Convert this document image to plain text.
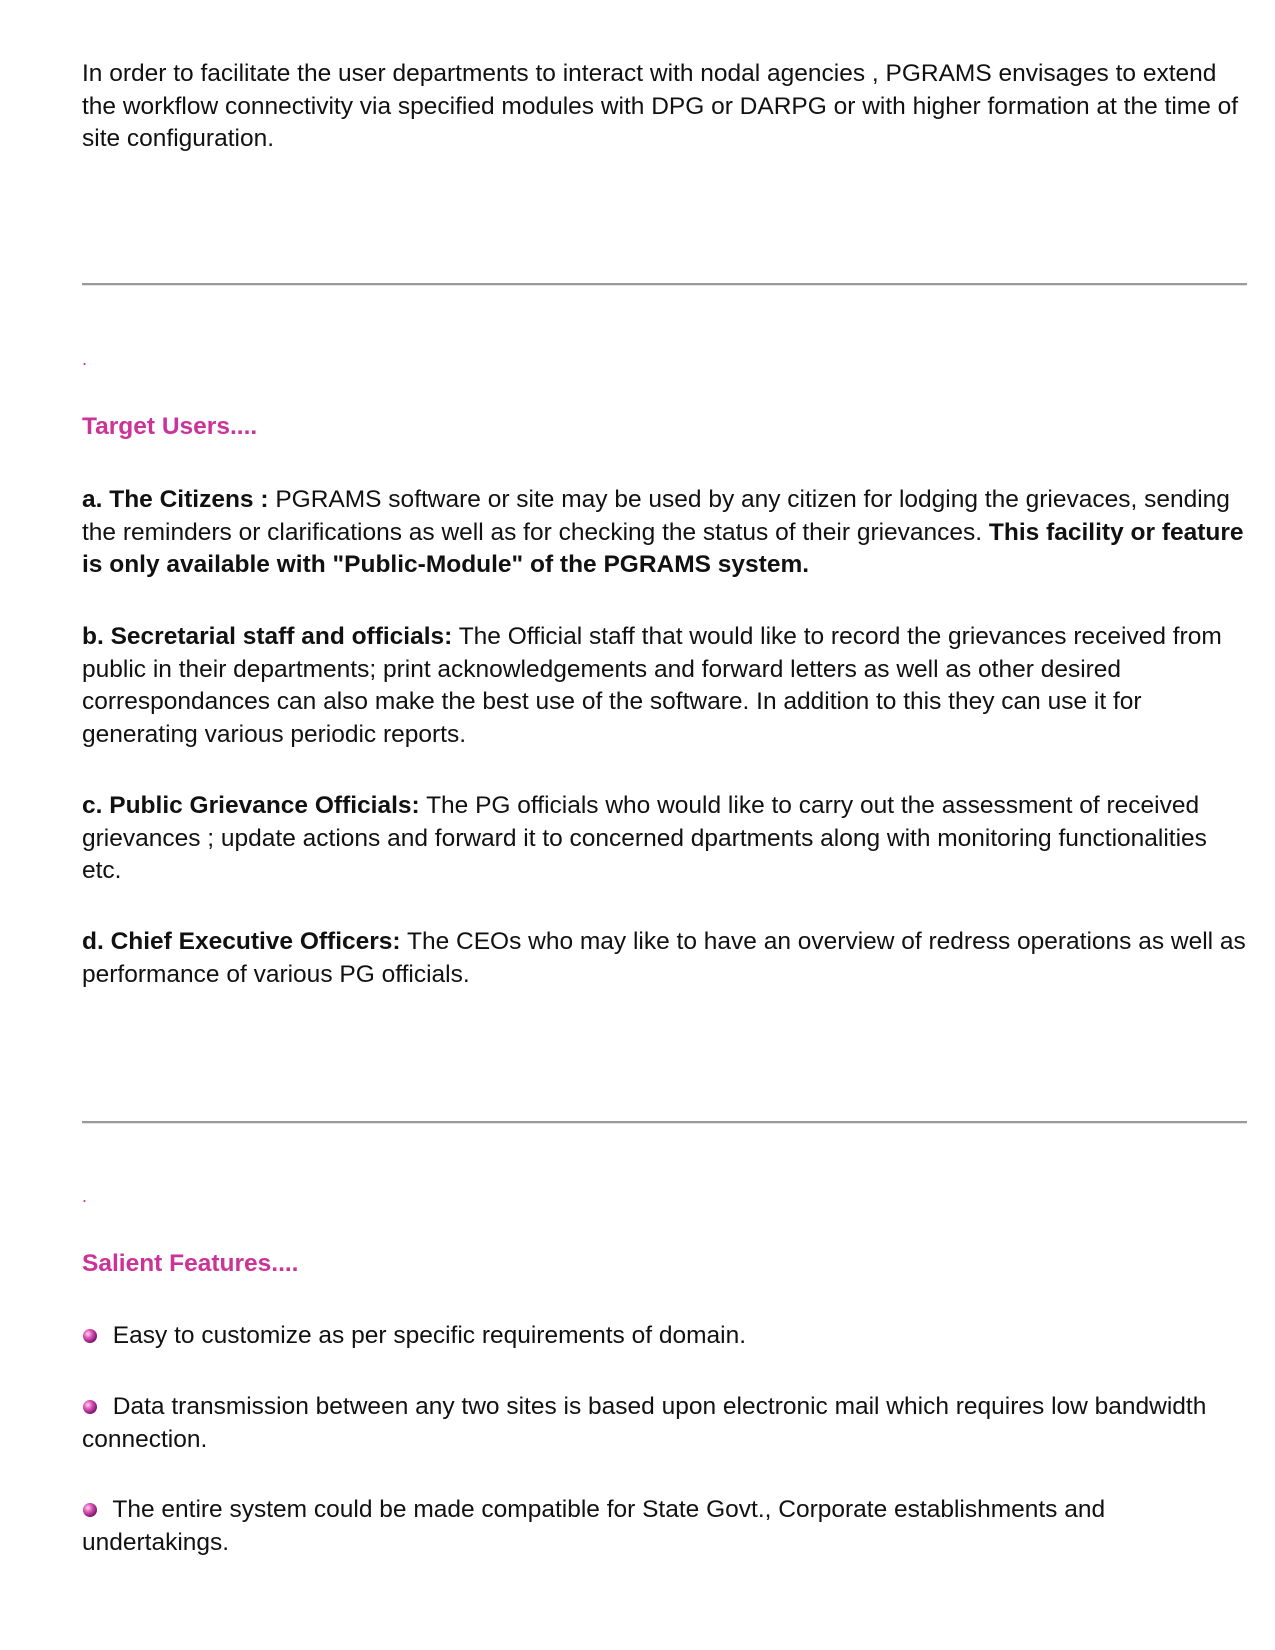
In order to facilitate the user departments to interact with nodal agencies , PGRAMS envisages to extend the workflow connectivity via specified modules with DPG or DARPG or with higher formation at the time of site configuration.

.
Target Users....

a. The Citizens : PGRAMS software or site may be used by any citizen for lodging the grievaces, sending the reminders or clarifications as well as for checking the status of their grievances. This facility or feature is only available with "Public-Module" of the PGRAMS system.

b. Secretarial staff and officials: The Official staff that would like to record the grievances received from public in their departments; print acknowledgements and forward letters as well as other desired correspondances can also make the best use of the software. In addition to this they can use it for generating various periodic reports.

c. Public Grievance Officials: The PG officials who would like to carry out the assessment of received grievances ; update actions and forward it to concerned dpartments along with monitoring functionalities etc.

d. Chief Executive Officers: The CEOs who may like to have an overview of redress operations as well as performance of various PG officials.

.
Salient Features....

Easy to customize as per specific requirements of domain.

Data transmission between any two sites is based upon electronic mail which requires low bandwidth connection.

The entire system could be made compatible for State Govt., Corporate establishments and undertakings.
